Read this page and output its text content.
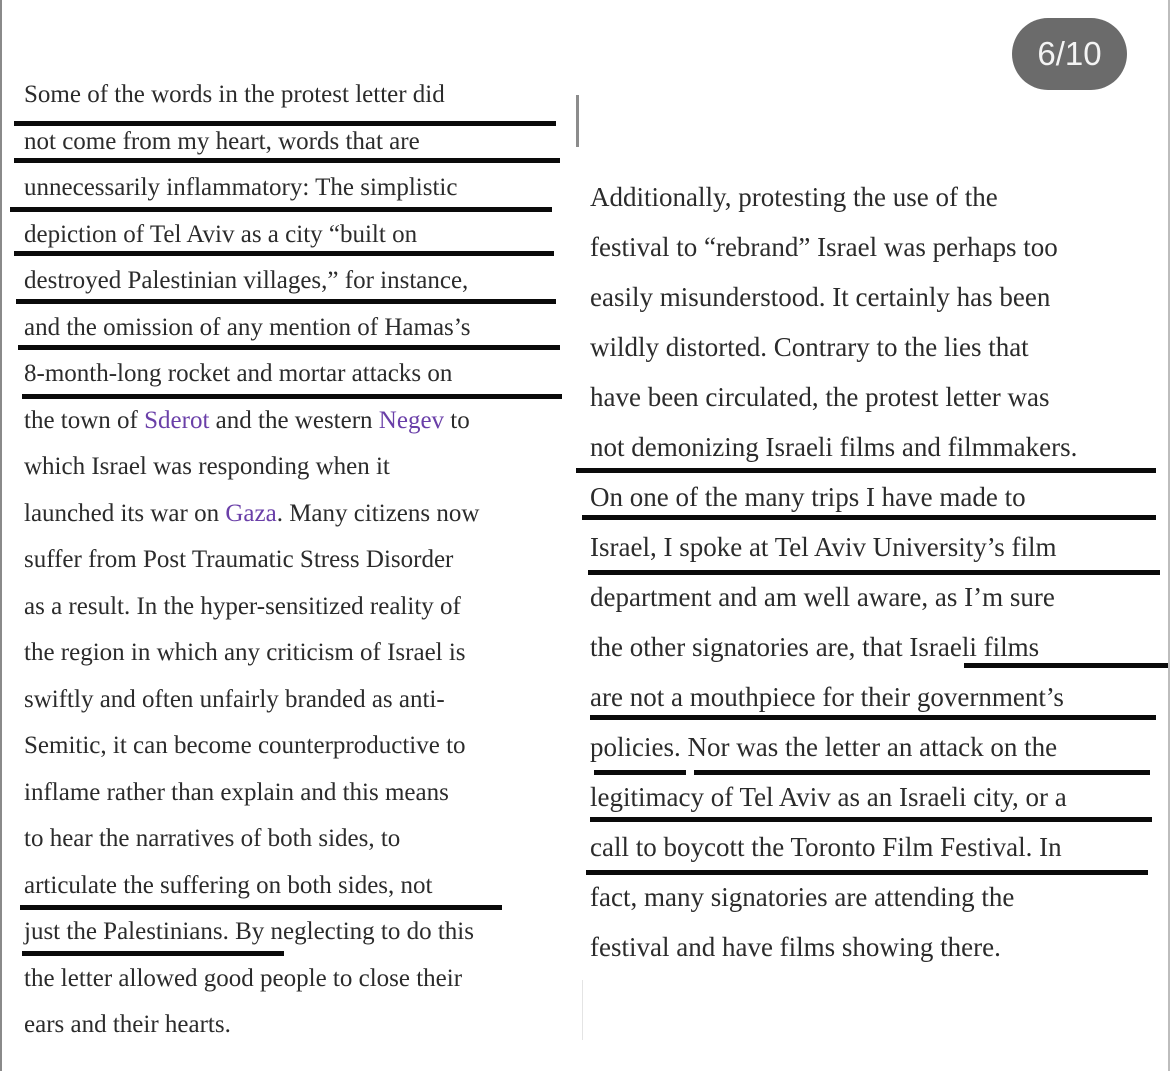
6/10
Some of the words in the protest letter did
not come from my heart, words that are
unnecessarily inflammatory: The simplistic
depiction of Tel Aviv as a city “built on
destroyed Palestinian villages,” for instance,
and the omission of any mention of Hamas’s
8-month-long rocket and mortar attacks on
the town of Sderot and the western Negev to
which Israel was responding when it
launched its war on Gaza. Many citizens now
suffer from Post Traumatic Stress Disorder
as a result. In the hyper-sensitized reality of
the region in which any criticism of Israel is
swiftly and often unfairly branded as anti-
Semitic, it can become counterproductive to
inflame rather than explain and this means
to hear the narratives of both sides, to
articulate the suffering on both sides, not
just the Palestinians. By neglecting to do this
the letter allowed good people to close their
ears and their hearts.
Additionally, protesting the use of the
festival to “rebrand” Israel was perhaps too
easily misunderstood. It certainly has been
wildly distorted. Contrary to the lies that
have been circulated, the protest letter was
not demonizing Israeli films and filmmakers.
On one of the many trips I have made to
Israel, I spoke at Tel Aviv University’s film
department and am well aware, as I’m sure
the other signatories are, that Israeli films
are not a mouthpiece for their government’s
policies. Nor was the letter an attack on the
legitimacy of Tel Aviv as an Israeli city, or a
call to boycott the Toronto Film Festival. In
fact, many signatories are attending the
festival and have films showing there.
